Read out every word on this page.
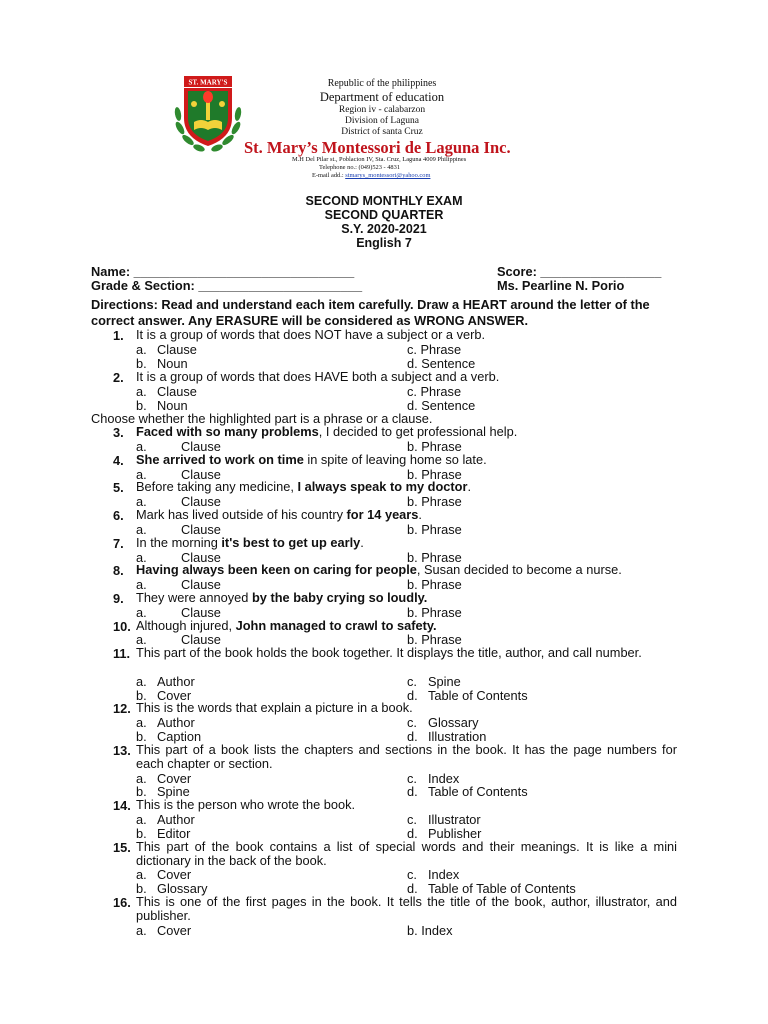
ST. MARY'S	Republic of the philippines
Department of education
Region iv - calabarzon
Division of Laguna
District of santa Cruz
St. Mary’s Montessori de Laguna Inc.
M.H Del Pilar st., Poblacion IV, Sta. Cruz, Laguna 4009 Philippines
Telephone no.: (049)523 - 4831
E-mail add.: stmarys_montessori@yahoo.com
SECOND MONTHLY EXAM
SECOND QUARTER
S.Y. 2020-2021
English 7
Name: _______________________________	Score: _________________
Grade & Section: _______________________	Ms. Pearline N. Porio
Directions: Read and understand each item carefully. Draw a HEART around the letter of the correct answer. Any ERASURE will be considered as WRONG ANSWER.
1. It is a group of words that does NOT have a subject or a verb.
a. Clause	c. Phrase
b. Noun	d. Sentence
2. It is a group of words that does HAVE both a subject and a verb.
a. Clause	c. Phrase
b. Noun	d. Sentence
Choose whether the highlighted part is a phrase or a clause.
3. Faced with so many problems, I decided to get professional help.
a.	Clause	b. Phrase
4. She arrived to work on time in spite of leaving home so late.
a.	Clause	b. Phrase
5. Before taking any medicine, I always speak to my doctor.
a.	Clause	b. Phrase
6. Mark has lived outside of his country for 14 years.
a.	Clause	b. Phrase
7. In the morning it's best to get up early.
a.	Clause	b. Phrase
8. Having always been keen on caring for people, Susan decided to become a nurse.
a.	Clause	b. Phrase
9. They were annoyed by the baby crying so loudly.
a.	Clause	b. Phrase
10. Although injured, John managed to crawl to safety.
a.	Clause	b. Phrase
11. This part of the book holds the book together. It displays the title, author, and call number.
a. Author	c. Spine
b. Cover	d. Table of Contents
12. This is the words that explain a picture in a book.
a. Author	c. Glossary
b. Caption	d. Illustration
13. This part of a book lists the chapters and sections in the book. It has the page numbers for each chapter or section.
a. Cover	c. Index
b. Spine	d. Table of Contents
14. This is the person who wrote the book.
a. Author	c. Illustrator
b. Editor	d. Publisher
15. This part of the book contains a list of special words and their meanings. It is like a mini dictionary in the back of the book.
a. Cover	c. Index
b. Glossary	d. Table of Table of Contents
16. This is one of the first pages in the book. It tells the title of the book, author, illustrator, and publisher.
a. Cover	b. Index
